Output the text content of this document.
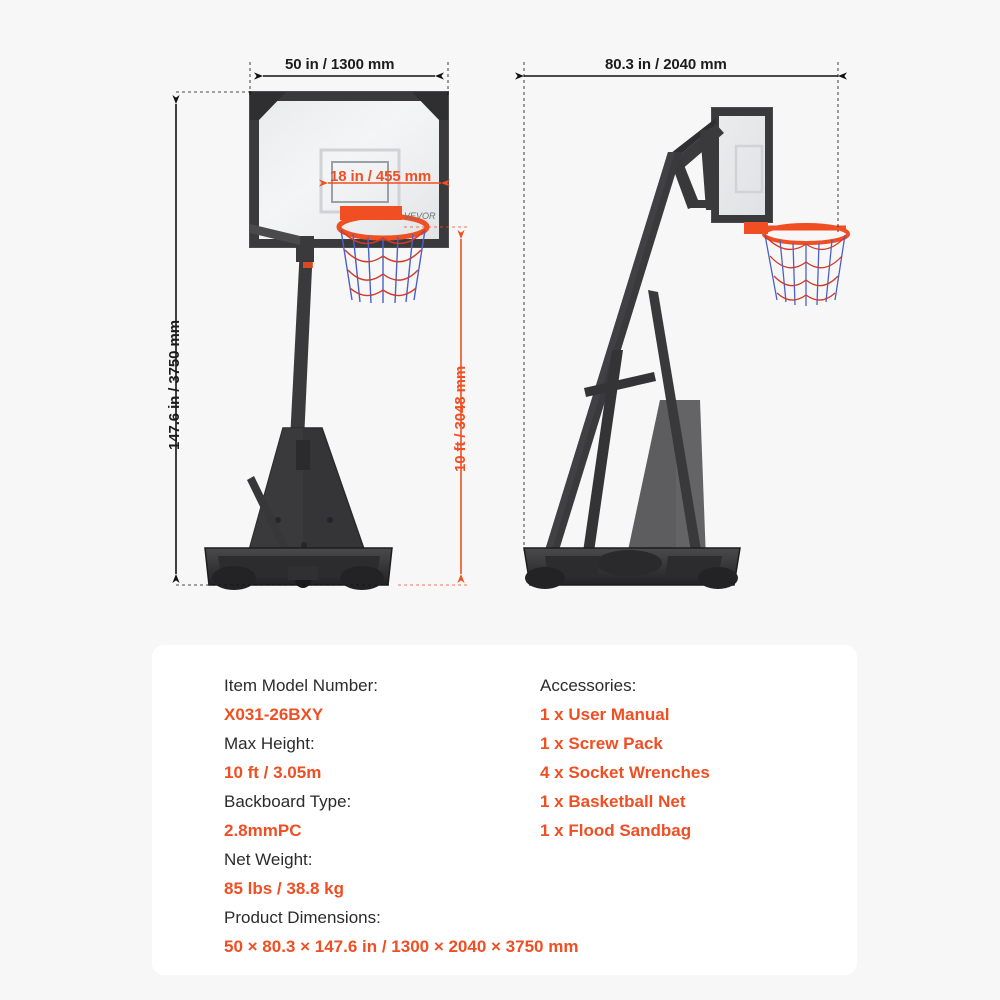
VEVOR
50 in / 1300 mm
18 in / 455 mm
147.6 in / 3750 mm	10 ft / 3048 mm
80.3 in / 2040 mm
Item Model Number:
X031-26BXY
Max Height:
10 ft / 3.05m
Backboard Type:
2.8mmPC
Net Weight:
85 lbs / 38.8 kg
Product Dimensions:
50 × 80.3 × 147.6 in / 1300 × 2040 × 3750 mm
Accessories:
1 x User Manual
1 x Screw Pack
4 x Socket Wrenches
1 x Basketball Net
1 x Flood Sandbag
